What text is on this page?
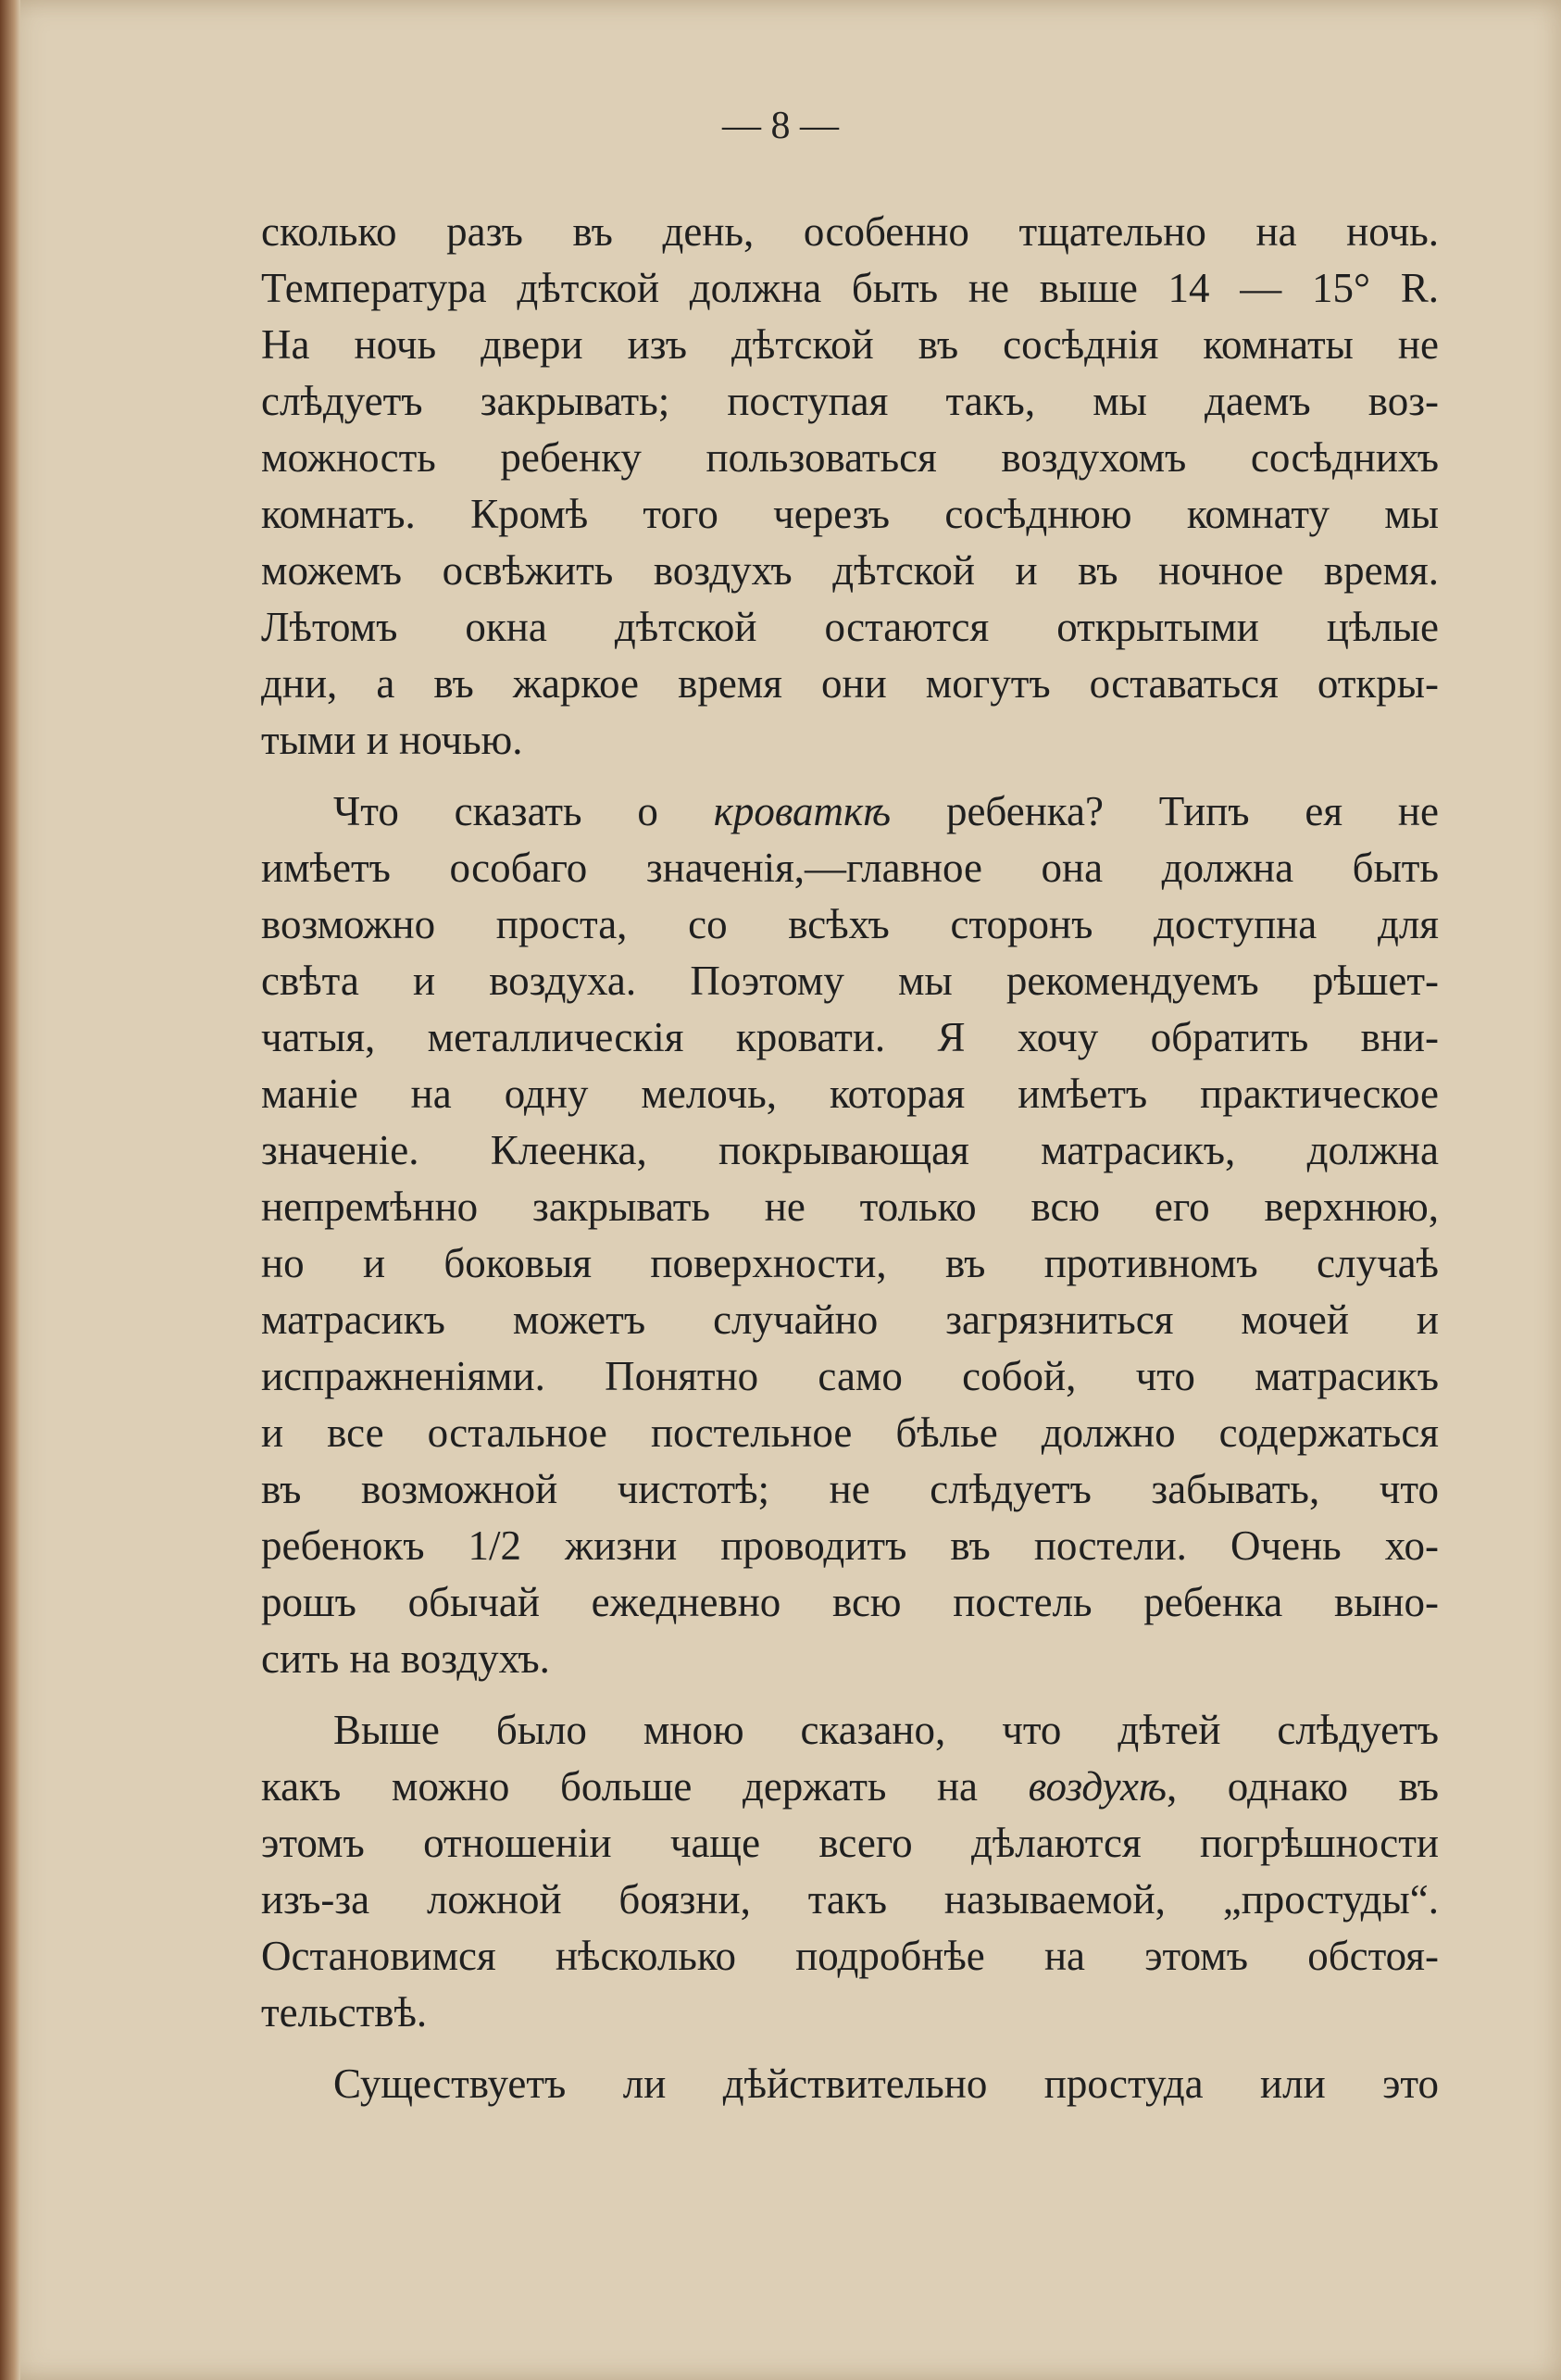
— 8 —
сколько разъ въ день, особенно тщательно на ночь.
Температура дѣтской должна быть не выше 14 — 15° R.
На ночь двери изъ дѣтской въ сосѣднія комнаты не
слѣдуетъ закрывать; поступая такъ, мы даемъ воз-
можность ребенку пользоваться воздухомъ сосѣднихъ
комнатъ. Кромѣ того черезъ сосѣднюю комнату мы
можемъ освѣжить воздухъ дѣтской и въ ночное время.
Лѣтомъ окна дѣтской остаются открытыми цѣлые
дни, а въ жаркое время они могутъ оставаться откры-
тыми и ночью.
Что сказать о кроваткѣ ребенка? Типъ ея не
имѣетъ особаго значенія,—главное она должна быть
возможно проста, со всѣхъ сторонъ доступна для
свѣта и воздуха. Поэтому мы рекомендуемъ рѣшет-
чатыя, металлическія кровати. Я хочу обратить вни-
маніе на одну мелочь, которая имѣетъ практическое
значеніе. Клеенка, покрывающая матрасикъ, должна
непремѣнно закрывать не только всю его верхнюю,
но и боковыя поверхности, въ противномъ случаѣ
матрасикъ можетъ случайно загрязниться мочей и
испражненіями. Понятно само собой, что матрасикъ
и все остальное постельное бѣлье должно содержаться
въ возможной чистотѣ; не слѣдуетъ забывать, что
ребенокъ 1/2 жизни проводитъ въ постели. Очень хо-
рошъ обычай ежедневно всю постель ребенка выно-
сить на воздухъ.
Выше было мною сказано, что дѣтей слѣдуетъ
какъ можно больше держать на воздухѣ, однако въ
этомъ отношеніи чаще всего дѣлаются погрѣшности
изъ-за ложной боязни, такъ называемой, „простуды“.
Остановимся нѣсколько подробнѣе на этомъ обстоя-
тельствѣ.
Существуетъ ли дѣйствительно простуда или это
